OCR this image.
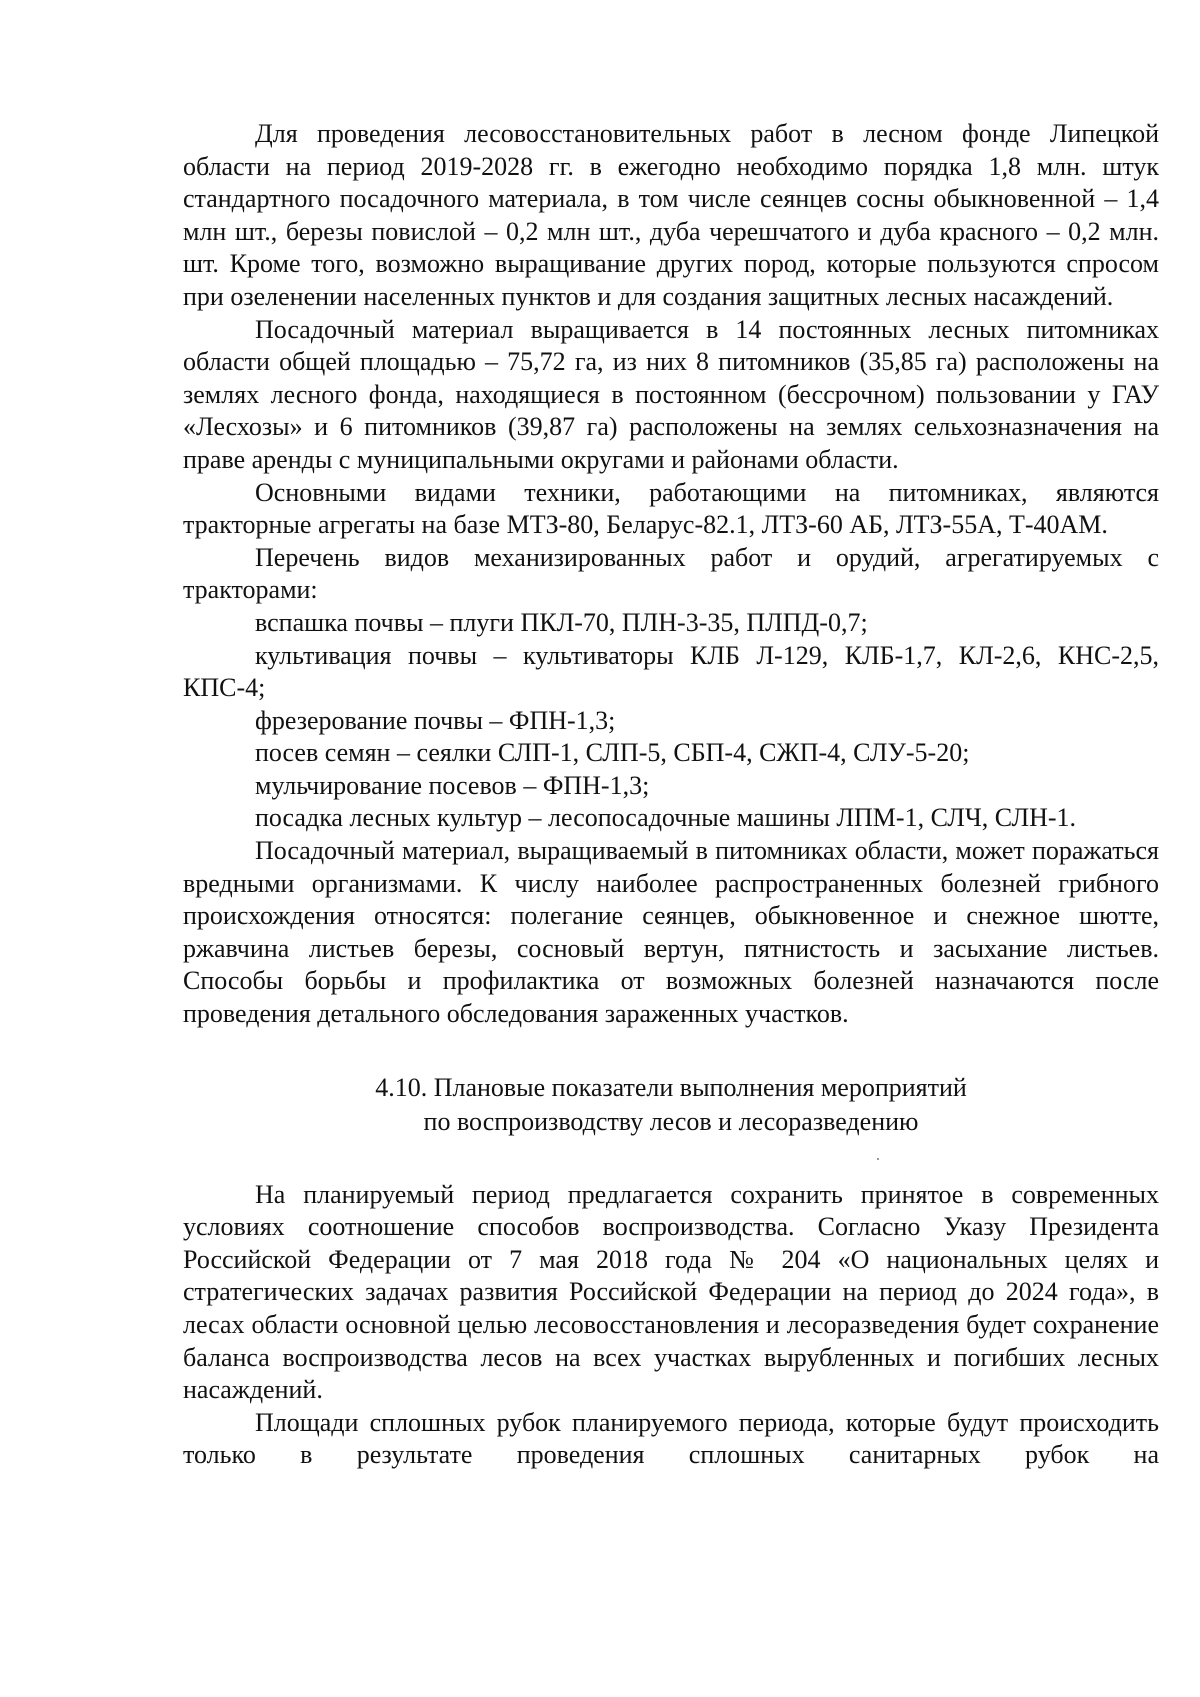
Для проведения лесовосстановительных работ в лесном фонде Липецкой области на период 2019-2028 гг. в ежегодно необходимо порядка 1,8 млн. штук стандартного посадочного материала, в том числе сеянцев сосны обыкновенной – 1,4 млн шт., березы повислой – 0,2 млн шт., дуба черешчатого и дуба красного – 0,2 млн. шт. Кроме того, возможно выращивание других пород, которые пользуются спросом при озеленении населенных пунктов и для создания защитных лесных насаждений.

Посадочный материал выращивается в 14 постоянных лесных питомниках области общей площадью – 75,72 га, из них 8 питомников (35,85 га) расположены на землях лесного фонда, находящиеся в постоянном (бессрочном) пользовании у ГАУ «Лесхозы» и 6 питомников (39,87 га) расположены на землях сельхозназначения на праве аренды с муниципальными округами и районами области.

Основными видами техники, работающими на питомниках, являются тракторные агрегаты на базе МТЗ-80, Беларус-82.1, ЛТЗ-60 АБ, ЛТЗ-55А, Т-40АМ.

Перечень видов механизированных работ и орудий, агрегатируемых с тракторами:

вспашка почвы – плуги ПКЛ-70, ПЛН-3-35, ПЛПД-0,7;

культивация почвы – культиваторы КЛБ Л-129, КЛБ-1,7, КЛ-2,6, КНС-2,5, КПС-4;

фрезерование почвы – ФПН-1,3;

посев семян – сеялки СЛП-1, СЛП-5, СБП-4, СЖП-4, СЛУ-5-20;

мульчирование посевов – ФПН-1,3;

посадка лесных культур – лесопосадочные машины ЛПМ-1, СЛЧ, СЛН-1.

Посадочный материал, выращиваемый в питомниках области, может поражаться вредными организмами. К числу наиболее распространенных болезней грибного происхождения относятся: полегание сеянцев, обыкновенное и снежное шютте, ржавчина листьев березы, сосновый вертун, пятнистость и засыхание листьев. Способы борьбы и профилактика от возможных болезней назначаются после проведения детального обследования зараженных участков.

4.10. Плановые показатели выполнения мероприятий
по воспроизводству лесов и лесоразведению

На планируемый период предлагается сохранить принятое в современных условиях соотношение способов воспроизводства. Согласно Указу Президента Российской Федерации от 7 мая 2018 года № 204 «О национальных целях и стратегических задачах развития Российской Федерации на период до 2024 года», в лесах области основной целью лесовосстановления и лесоразведения будет сохранение баланса воспроизводства лесов на всех участках вырубленных и погибших лесных насаждений.

Площади сплошных рубок планируемого периода, которые будут происходить только в результате проведения сплошных санитарных рубок на
